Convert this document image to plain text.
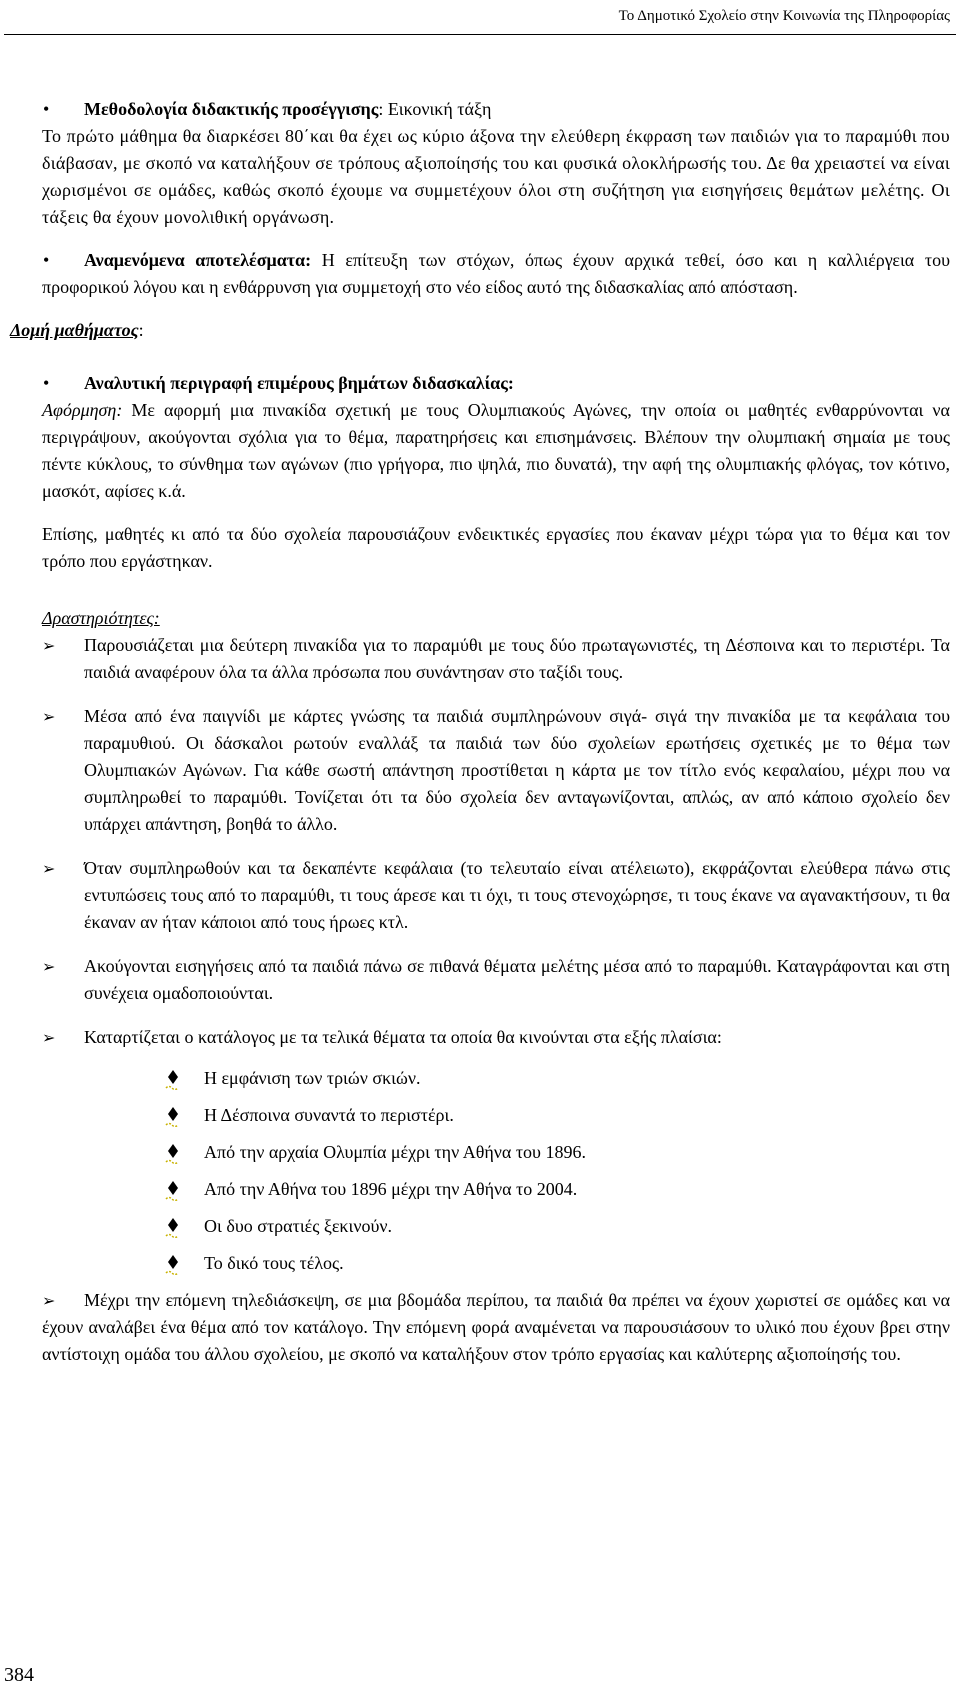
Το Δημοτικό Σχολείο στην Κοινωνία της Πληροφορίας
• Μεθοδολογία διδακτικής προσέγγισης: Εικονική τάξη
Το πρώτο μάθημα θα διαρκέσει 80΄και θα έχει ως κύριο άξονα την ελεύθερη έκφραση των παιδιών για το παραμύθι που διάβασαν, με σκοπό να καταλήξουν σε τρόπους αξιοποίησής του και φυσικά ολοκλήρωσής του. Δε θα χρειαστεί να είναι χωρισμένοι σε ομάδες, καθώς σκοπό έχουμε να συμμετέχουν όλοι στη συζήτηση για εισηγήσεις θεμάτων μελέτης. Οι τάξεις θα έχουν μονολιθική οργάνωση.
• Αναμενόμενα αποτελέσματα: Η επίτευξη των στόχων, όπως έχουν αρχικά τεθεί, όσο και η καλλιέργεια του προφορικού λόγου και η ενθάρρυνση για συμμετοχή στο νέο είδος αυτό της διδασκαλίας από απόσταση.
Δομή μαθήματος:
• Αναλυτική περιγραφή επιμέρους βημάτων διδασκαλίας:
Αφόρμηση: Με αφορμή μια πινακίδα σχετική με τους Ολυμπιακούς Αγώνες, την οποία οι μαθητές ενθαρρύνονται να περιγράψουν, ακούγονται σχόλια για το θέμα, παρατηρήσεις και επισημάνσεις. Βλέπουν την ολυμπιακή σημαία με τους πέντε κύκλους, το σύνθημα των αγώνων (πιο γρήγορα, πιο ψηλά, πιο δυνατά), την αφή της ολυμπιακής φλόγας, τον κότινο, μασκότ, αφίσες κ.ά.
Επίσης, μαθητές κι από τα δύο σχολεία παρουσιάζουν ενδεικτικές εργασίες που έκαναν μέχρι τώρα για το θέμα και τον τρόπο που εργάστηκαν.
Δραστηριότητες:
➢ Παρουσιάζεται μια δεύτερη πινακίδα για το παραμύθι με τους δύο πρωταγωνιστές, τη Δέσποινα και το περιστέρι. Τα παιδιά αναφέρουν όλα τα άλλα πρόσωπα που συνάντησαν στο ταξίδι τους.
➢ Μέσα από ένα παιγνίδι με κάρτες γνώσης τα παιδιά συμπληρώνουν σιγά- σιγά την πινακίδα με τα κεφάλαια του παραμυθιού. Οι δάσκαλοι ρωτούν εναλλάξ τα παιδιά των δύο σχολείων ερωτήσεις σχετικές με το θέμα των Ολυμπιακών Αγώνων. Για κάθε σωστή απάντηση προστίθεται η κάρτα με τον τίτλο ενός κεφαλαίου, μέχρι που να συμπληρωθεί το παραμύθι. Τονίζεται ότι τα δύο σχολεία δεν ανταγωνίζονται, απλώς, αν από κάποιο σχολείο δεν υπάρχει απάντηση, βοηθά το άλλο.
➢ Όταν συμπληρωθούν και τα δεκαπέντε κεφάλαια (το τελευταίο είναι ατέλειωτο), εκφράζονται ελεύθερα πάνω στις εντυπώσεις τους από το παραμύθι, τι τους άρεσε και τι όχι, τι τους στενοχώρησε, τι τους έκανε να αγανακτήσουν, τι θα έκαναν αν ήταν κάποιοι από τους ήρωες κτλ.
➢ Ακούγονται εισηγήσεις από τα παιδιά πάνω σε πιθανά θέματα μελέτης μέσα από το παραμύθι. Καταγράφονται και στη συνέχεια ομαδοποιούνται.
➢ Καταρτίζεται ο κατάλογος με τα τελικά θέματα τα οποία θα κινούνται στα εξής πλαίσια:
Η εμφάνιση των τριών σκιών.
Η Δέσποινα συναντά το περιστέρι.
Από την αρχαία Ολυμπία μέχρι την Αθήνα του 1896.
Από την Αθήνα του 1896 μέχρι την Αθήνα το 2004.
Οι δυο στρατιές ξεκινούν.
Το δικό τους τέλος.
➢ Μέχρι την επόμενη τηλεδιάσκεψη, σε μια βδομάδα περίπου, τα παιδιά θα πρέπει να έχουν χωριστεί σε ομάδες και να έχουν αναλάβει ένα θέμα από τον κατάλογο. Την επόμενη φορά αναμένεται να παρουσιάσουν το υλικό που έχουν βρει στην αντίστοιχη ομάδα του άλλου σχολείου, με σκοπό να καταλήξουν στον τρόπο εργασίας και καλύτερης αξιοποίησής του.
384
